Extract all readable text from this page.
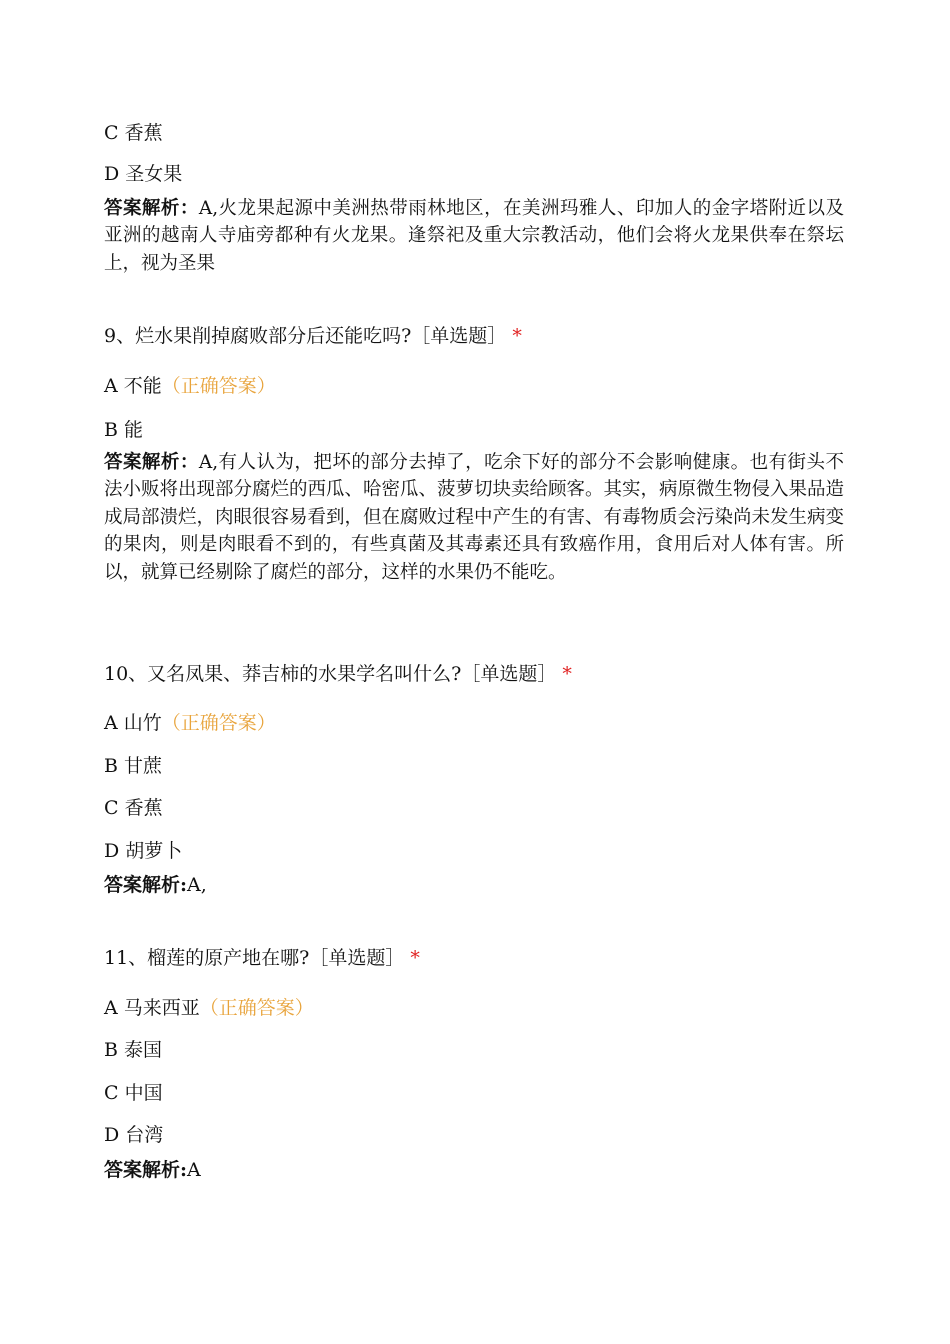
C 香蕉

D 圣女果

答案解析：A,火龙果起源中美洲热带雨林地区，在美洲玛雅人、印加人的金字塔附近以及亚洲的越南人寺庙旁都种有火龙果。逢祭祀及重大宗教活动，他们会将火龙果供奉在祭坛上，视为圣果

9、烂水果削掉腐败部分后还能吃吗?［单选题］ *

A 不能（正确答案）

B 能

答案解析：A,有人认为，把坏的部分去掉了，吃余下好的部分不会影响健康。也有街头不法小贩将出现部分腐烂的西瓜、哈密瓜、菠萝切块卖给顾客。其实，病原微生物侵入果品造成局部溃烂，肉眼很容易看到，但在腐败过程中产生的有害、有毒物质会污染尚未发生病变的果肉，则是肉眼看不到的，有些真菌及其毒素还具有致癌作用，食用后对人体有害。所以，就算已经剔除了腐烂的部分，这样的水果仍不能吃。

10、又名凤果、莽吉柿的水果学名叫什么?［单选题］ *

A 山竹（正确答案）

B 甘蔗

C 香蕉

D 胡萝卜

答案解析:A,

11、榴莲的原产地在哪?［单选题］ *

A 马来西亚（正确答案）

B 泰国

C 中国

D 台湾

答案解析:A
